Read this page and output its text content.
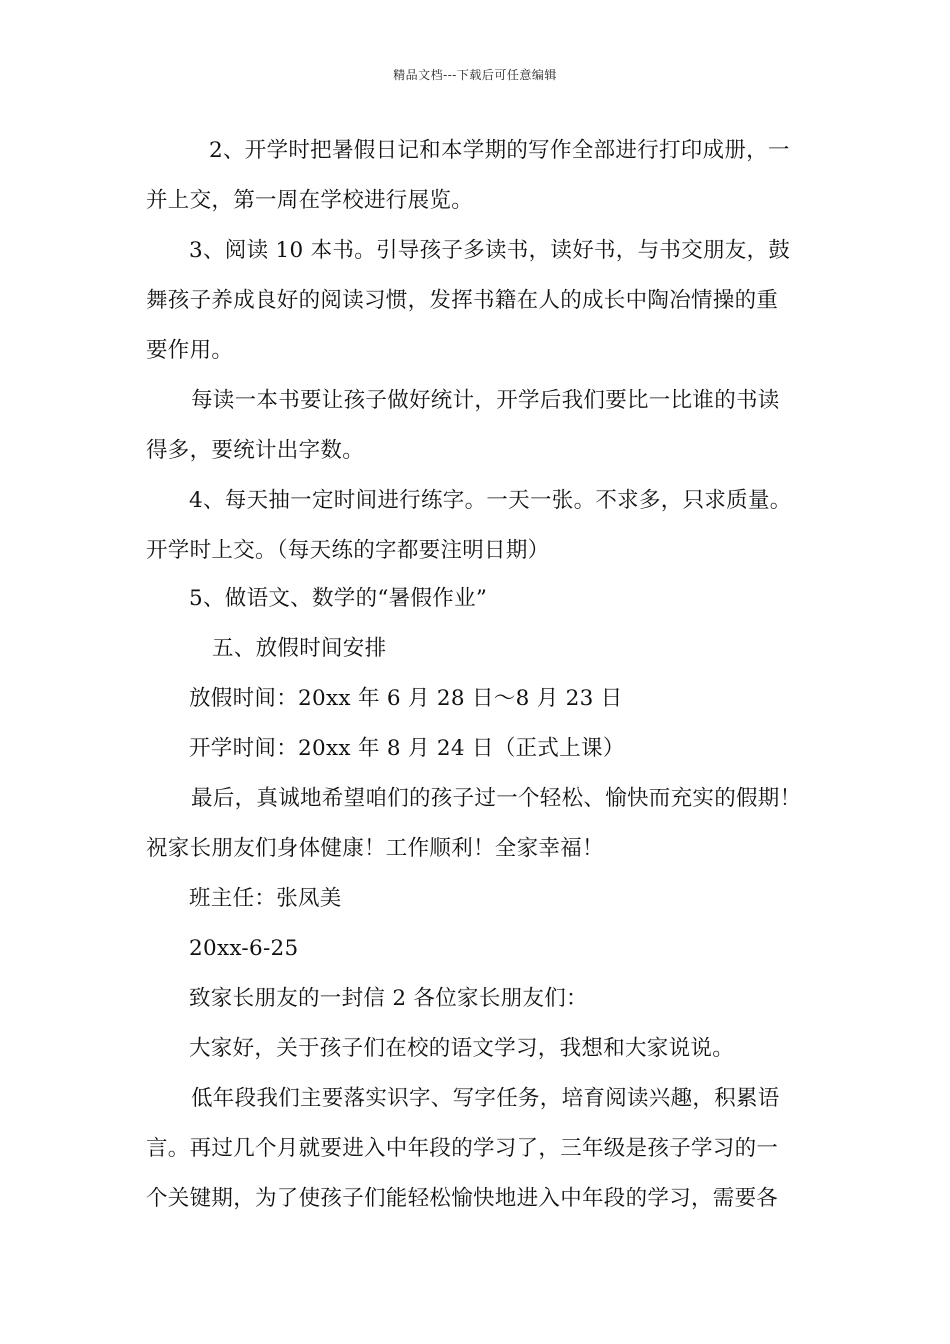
精品文档---下载后可任意编辑
2、开学时把暑假日记和本学期的写作全部进行打印成册，一
并上交，第一周在学校进行展览。
3、阅读 10 本书。引导孩子多读书，读好书，与书交朋友，鼓
舞孩子养成良好的阅读习惯，发挥书籍在人的成长中陶冶情操的重
要作用。
每读一本书要让孩子做好统计，开学后我们要比一比谁的书读
得多，要统计出字数。
4、每天抽一定时间进行练字。一天一张。不求多，只求质量。
开学时上交。（每天练的字都要注明日期）
5、做语文、数学的“暑假作业”
五、放假时间安排
放假时间：20xx 年 6 月 28 日～8 月 23 日
开学时间：20xx 年 8 月 24 日（正式上课）
最后，真诚地希望咱们的孩子过一个轻松、愉快而充实的假期！
祝家长朋友们身体健康！工作顺利！全家幸福！
班主任：张凤美
20xx-6-25
致家长朋友的一封信 2 各位家长朋友们：
大家好，关于孩子们在校的语文学习，我想和大家说说。
低年段我们主要落实识字、写字任务，培育阅读兴趣，积累语
言。再过几个月就要进入中年段的学习了，三年级是孩子学习的一
个关键期，为了使孩子们能轻松愉快地进入中年段的学习，需要各
